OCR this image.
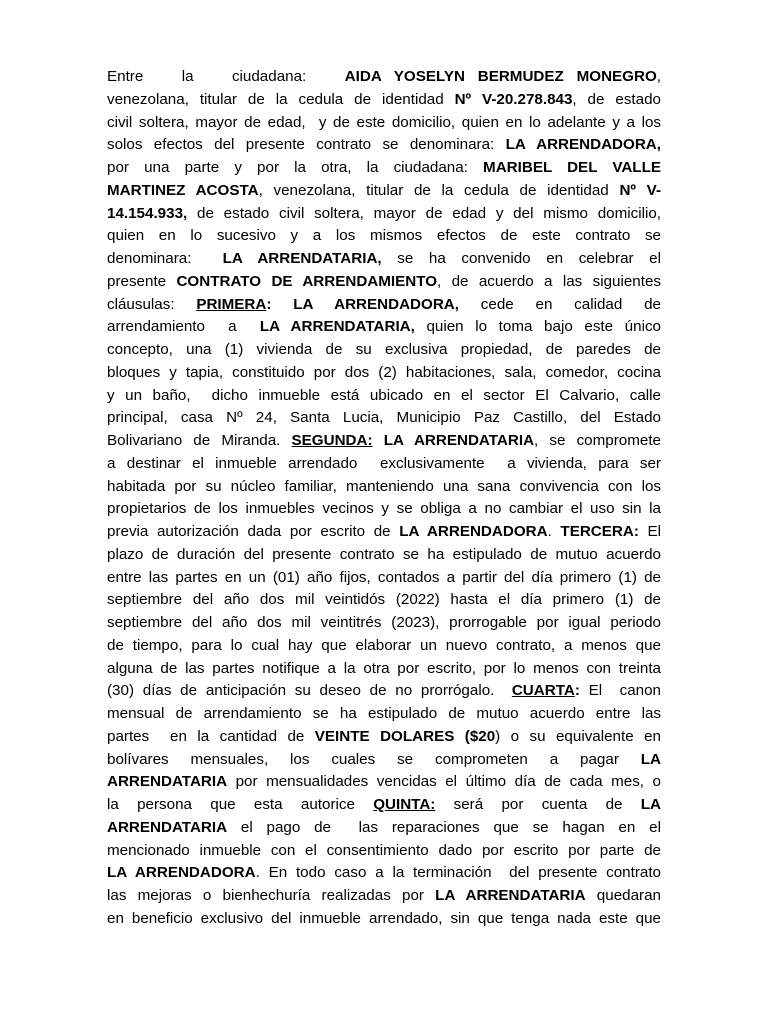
Entre   la   ciudadana:   AIDA YOSELYN BERMUDEZ MONEGRO,
venezolana, titular de la cedula de identidad Nº V-20.278.843, de estado
civil soltera, mayor de edad,  y de este domicilio, quien en lo adelante y a los
solos efectos del presente contrato se denominara: LA ARRENDADORA,
por una parte y por la otra, la ciudadana: MARIBEL DEL VALLE
MARTINEZ ACOSTA, venezolana, titular de la cedula de identidad Nº V-
14.154.933, de estado civil soltera, mayor de edad y del mismo domicilio,
quien en lo sucesivo y a los mismos efectos de este contrato se
denominara:  LA ARRENDATARIA, se ha convenido en celebrar el
presente CONTRATO DE ARRENDAMIENTO, de acuerdo a las siguientes
cláusulas: PRIMERA: LA ARRENDADORA, cede en calidad de
arrendamiento  a  LA ARRENDATARIA, quien lo toma bajo este único
concepto, una (1) vivienda de su exclusiva propiedad, de paredes de
bloques y tapia, constituido por dos (2) habitaciones, sala, comedor, cocina
y un baño,  dicho inmueble está ubicado en el sector El Calvario, calle
principal, casa Nº 24, Santa Lucia, Municipio Paz Castillo, del Estado
Bolivariano de Miranda. SEGUNDA: LA ARRENDATARIA, se compromete
a destinar el inmueble arrendado  exclusivamente  a vivienda, para ser
habitada por su núcleo familiar, manteniendo una sana convivencia con los
propietarios de los inmuebles vecinos y se obliga a no cambiar el uso sin la
previa autorización dada por escrito de LA ARRENDADORA. TERCERA: El
plazo de duración del presente contrato se ha estipulado de mutuo acuerdo
entre las partes en un (01) año fijos, contados a partir del día primero (1) de
septiembre del año dos mil veintidós (2022) hasta el día primero (1) de
septiembre del año dos mil veintitrés (2023), prorrogable por igual periodo
de tiempo, para lo cual hay que elaborar un nuevo contrato, a menos que
alguna de las partes notifique a la otra por escrito, por lo menos con treinta
(30) días de anticipación su deseo de no prorrógalo.  CUARTA: El  canon
mensual de arrendamiento se ha estipulado de mutuo acuerdo entre las
partes  en la cantidad de VEINTE DOLARES ($20) o su equivalente en
bolívares mensuales, los cuales se comprometen a pagar LA
ARRENDATARIA por mensualidades vencidas el último día de cada mes, o
la persona que esta autorice QUINTA: será por cuenta de LA
ARRENDATARIA el pago de  las reparaciones que se hagan en el
mencionado inmueble con el consentimiento dado por escrito por parte de
LA ARRENDADORA. En todo caso a la terminación  del presente contrato
las mejoras o bienhechuría realizadas por LA ARRENDATARIA quedaran
en beneficio exclusivo del inmueble arrendado, sin que tenga nada este que
